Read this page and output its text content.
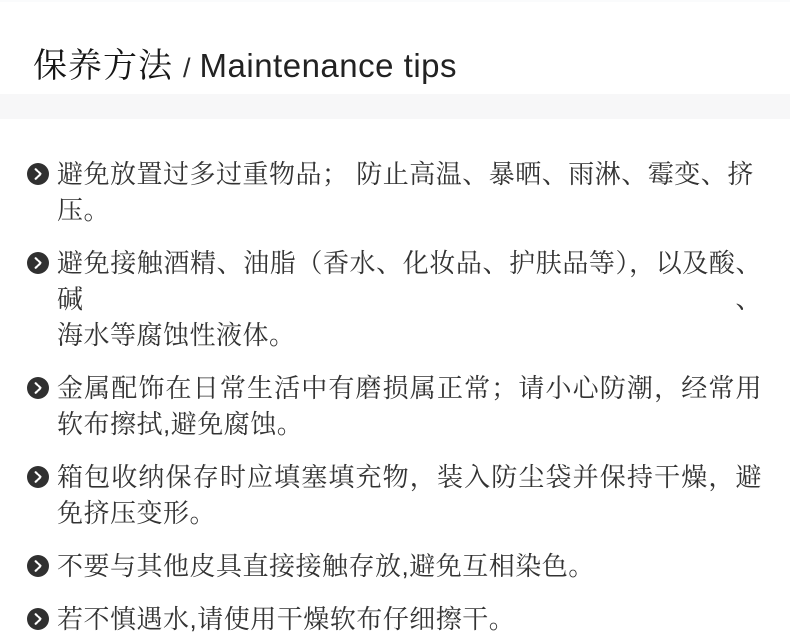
保养方法 / Maintenance tips

避免放置过多过重物品； 防止高温、暴晒、雨淋、霉变、挤压。

避免接触酒精、油脂（香水、化妆品、护肤品等），以及酸、碱、
海水等腐蚀性液体。

金属配饰在日常生活中有磨损属正常；请小心防潮，经常用
软布擦拭,避免腐蚀。

箱包收纳保存时应填塞填充物，装入防尘袋并保持干燥，避
免挤压变形。

不要与其他皮具直接接触存放,避免互相染色。

若不慎遇水,请使用干燥软布仔细擦干。
